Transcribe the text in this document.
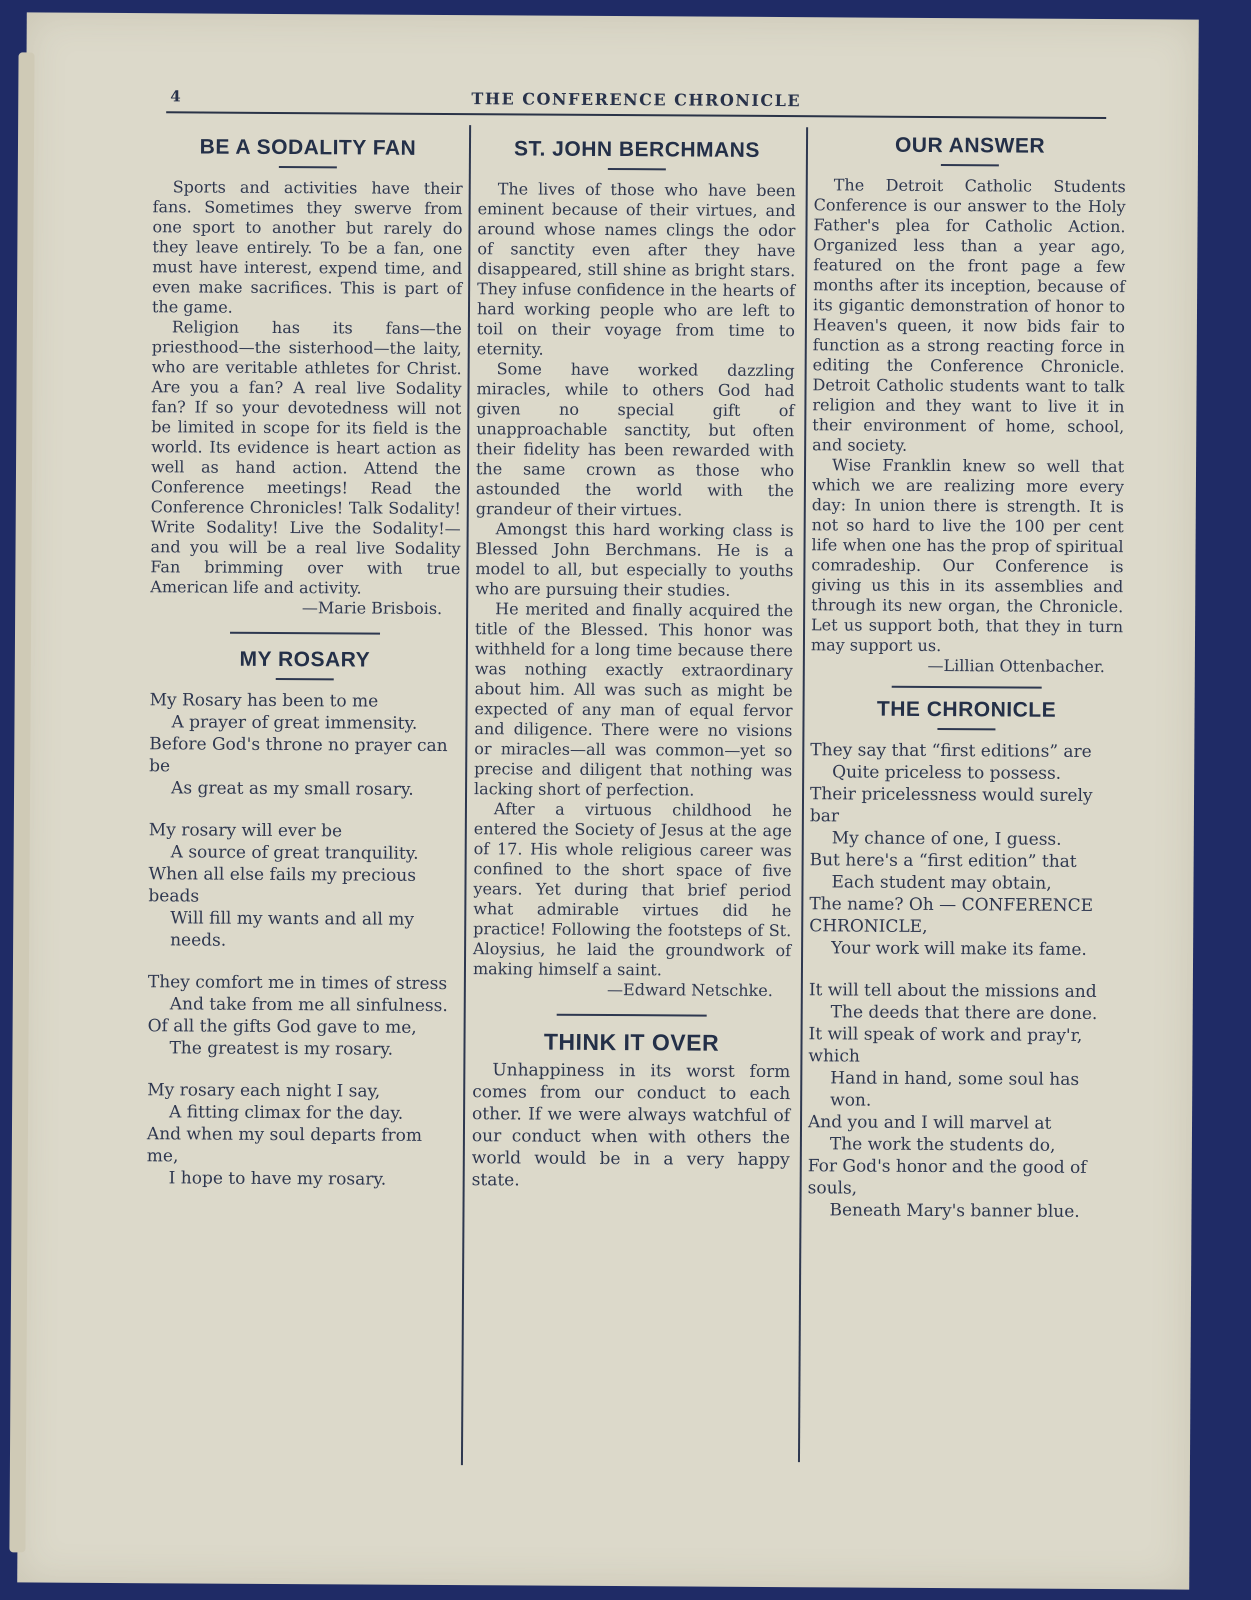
4	THE CONFERENCE CHRONICLE
BE A SODALITY FAN

Sports and activities have their fans. Sometimes they swerve from one sport to another but rarely do they leave entirely. To be a fan, one must have interest, expend time, and even make sacrifices. This is part of the game.

Religion has its fans—the priesthood—the sisterhood—the laity, who are veritable athletes for Christ. Are you a fan? A real live Sodality fan? If so your devotedness will not be limited in scope for its field is the world. Its evidence is heart action as well as hand action. Attend the Conference meetings! Read the Conference Chronicles! Talk Sodality! Write Sodality! Live the Sodality!—and you will be a real live Sodality Fan brimming over with true American life and activity.

—Marie Brisbois.
MY ROSARY
My Rosary has been to me
A prayer of great immensity.
Before God's throne no prayer can be
As great as my small rosary.
My rosary will ever be
A source of great tranquility.
When all else fails my precious beads
Will fill my wants and all my needs.
They comfort me in times of stress
And take from me all sinfulness.
Of all the gifts God gave to me,
The greatest is my rosary.
My rosary each night I say,
A fitting climax for the day.
And when my soul departs from me,
I hope to have my rosary.
ST. JOHN BERCHMANS

The lives of those who have been eminent because of their virtues, and around whose names clings the odor of sanctity even after they have disappeared, still shine as bright stars. They infuse confidence in the hearts of hard working people who are left to toil on their voyage from time to eternity.

Some have worked dazzling miracles, while to others God had given no special gift of unapproachable sanctity, but often their fidelity has been rewarded with the same crown as those who astounded the world with the grandeur of their virtues.

Amongst this hard working class is Blessed John Berchmans. He is a model to all, but especially to youths who are pursuing their studies.

He merited and finally acquired the title of the Blessed. This honor was withheld for a long time because there was nothing exactly extraordinary about him. All was such as might be expected of any man of equal fervor and diligence. There were no visions or miracles—all was common—yet so precise and diligent that nothing was lacking short of perfection.

After a virtuous childhood he entered the Society of Jesus at the age of 17. His whole religious career was confined to the short space of five years. Yet during that brief period what admirable virtues did he practice! Following the footsteps of St. Aloysius, he laid the groundwork of making himself a saint.

—Edward Netschke.
THINK IT OVER

Unhappiness in its worst form comes from our conduct to each other. If we were always watchful of our conduct when with others the world would be in a very happy state.

OUR ANSWER

The Detroit Catholic Students Conference is our answer to the Holy Father's plea for Catholic Action. Organized less than a year ago, featured on the front page a few months after its inception, because of its gigantic demonstration of honor to Heaven's queen, it now bids fair to function as a strong reacting force in editing the Conference Chronicle. Detroit Catholic students want to talk religion and they want to live it in their environment of home, school, and society.

Wise Franklin knew so well that which we are realizing more every day: In union there is strength. It is not so hard to live the 100 per cent life when one has the prop of spiritual comradeship. Our Conference is giving us this in its assemblies and through its new organ, the Chronicle. Let us support both, that they in turn may support us.

—Lillian Ottenbacher.
THE CHRONICLE
They say that “first editions” are
Quite priceless to possess.
Their pricelessness would surely bar
My chance of one, I guess.
But here's a “first edition” that
Each student may obtain,
The name? Oh — CONFERENCE CHRONICLE,
Your work will make its fame.
It will tell about the missions and
The deeds that there are done.
It will speak of work and pray'r, which
Hand in hand, some soul has won.
And you and I will marvel at
The work the students do,
For God's honor and the good of souls,
Beneath Mary's banner blue.
